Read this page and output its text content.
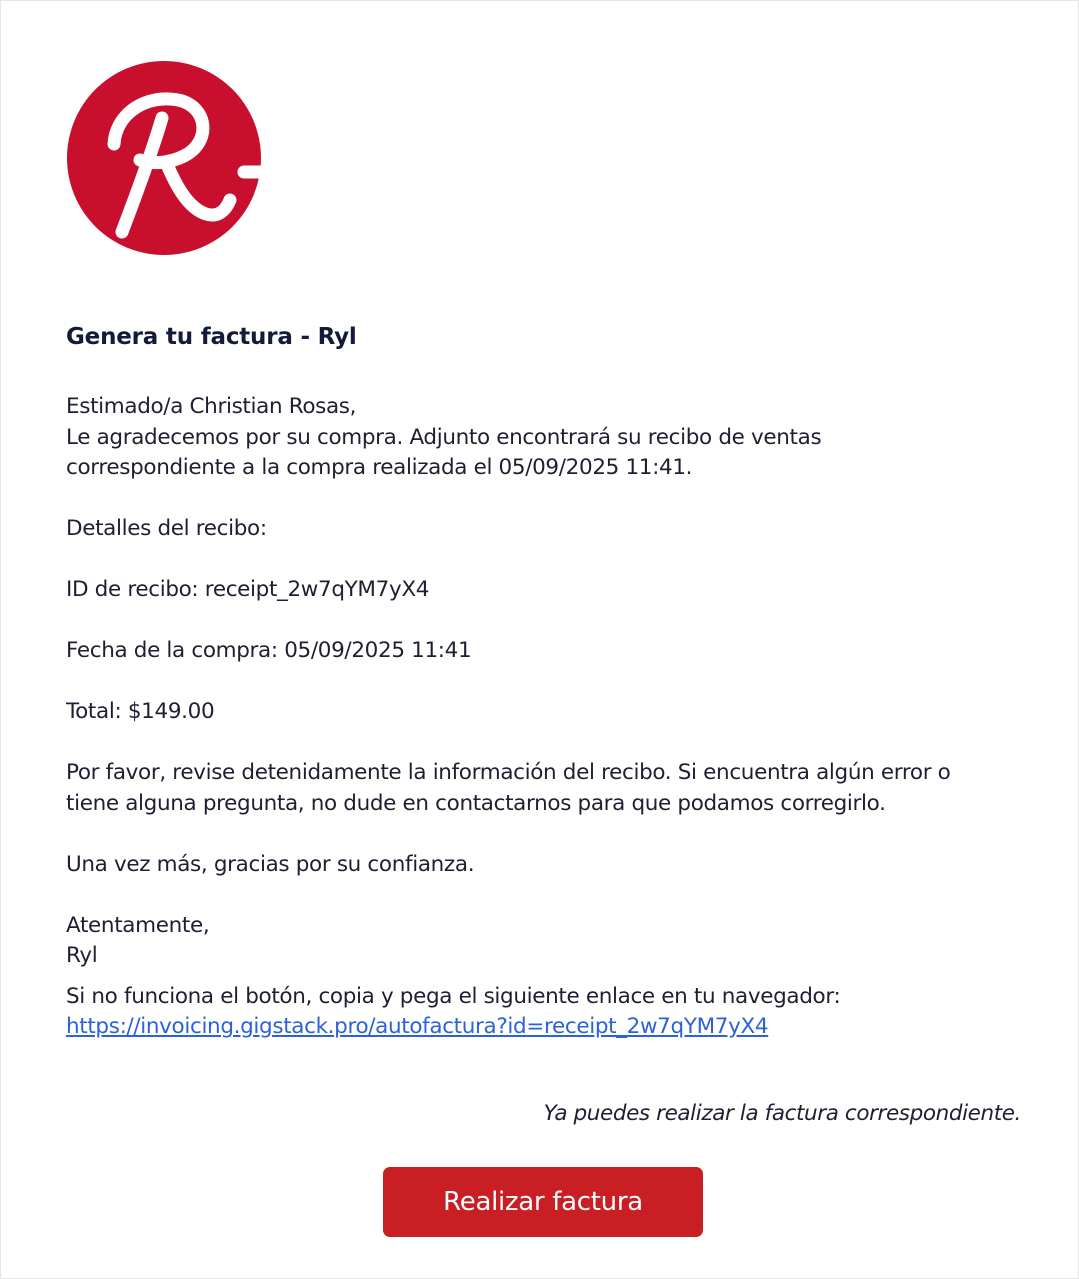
Genera tu factura - Ryl

Estimado/a Christian Rosas,

Le agradecemos por su compra. Adjunto encontrará su recibo de ventas

correspondiente a la compra realizada el 05/09/2025 11:41.

Detalles del recibo:

ID de recibo: receipt_2w7qYM7yX4

Fecha de la compra: 05/09/2025 11:41

Total: $149.00

Por favor, revise detenidamente la información del recibo. Si encuentra algún error o

tiene alguna pregunta, no dude en contactarnos para que podamos corregirlo.

Una vez más, gracias por su confianza.

Atentamente,

Ryl

Si no funciona el botón, copia y pega el siguiente enlace en tu navegador:

https://invoicing.gigstack.pro/autofactura?id=receipt_2w7qYM7yX4
Ya puedes realizar la factura correspondiente.
Realizar factura
